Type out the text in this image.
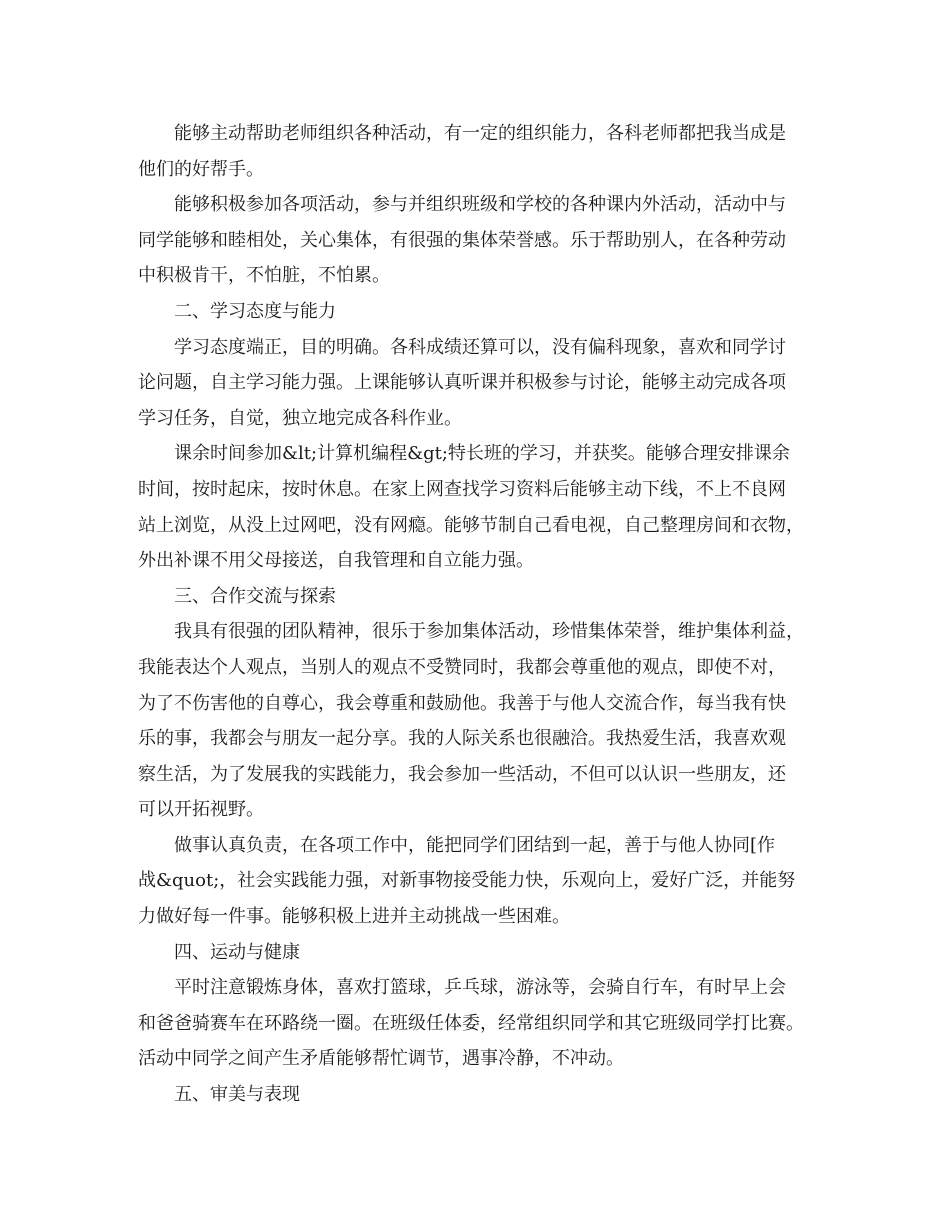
能够主动帮助老师组织各种活动，有一定的组织能力，各科老师都把我当成是
他们的好帮手。
能够积极参加各项活动，参与并组织班级和学校的各种课内外活动，活动中与
同学能够和睦相处，关心集体，有很强的集体荣誉感。乐于帮助别人，在各种劳动
中积极肯干，不怕脏，不怕累。
二、学习态度与能力
学习态度端正，目的明确。各科成绩还算可以，没有偏科现象，喜欢和同学讨
论问题，自主学习能力强。上课能够认真听课并积极参与讨论，能够主动完成各项
学习任务，自觉，独立地完成各科作业。
课余时间参加&lt;计算机编程&gt;特长班的学习，并获奖。能够合理安排课余
时间，按时起床，按时休息。在家上网查找学习资料后能够主动下线，不上不良网
站上浏览，从没上过网吧，没有网瘾。能够节制自己看电视，自己整理房间和衣物，
外出补课不用父母接送，自我管理和自立能力强。
三、合作交流与探索
我具有很强的团队精神，很乐于参加集体活动，珍惜集体荣誉，维护集体利益，
我能表达个人观点，当别人的观点不受赞同时，我都会尊重他的观点，即使不对，
为了不伤害他的自尊心，我会尊重和鼓励他。我善于与他人交流合作，每当我有快
乐的事，我都会与朋友一起分享。我的人际关系也很融洽。我热爱生活，我喜欢观
察生活，为了发展我的实践能力，我会参加一些活动，不但可以认识一些朋友，还
可以开拓视野。
做事认真负责，在各项工作中，能把同学们团结到一起，善于与他人协同[作
战&quot;，社会实践能力强，对新事物接受能力快，乐观向上，爱好广泛，并能努
力做好每一件事。能够积极上进并主动挑战一些困难。
四、运动与健康
平时注意锻炼身体，喜欢打篮球，乒乓球，游泳等，会骑自行车，有时早上会
和爸爸骑赛车在环路绕一圈。在班级任体委，经常组织同学和其它班级同学打比赛。
活动中同学之间产生矛盾能够帮忙调节，遇事冷静，不冲动。
五、审美与表现
